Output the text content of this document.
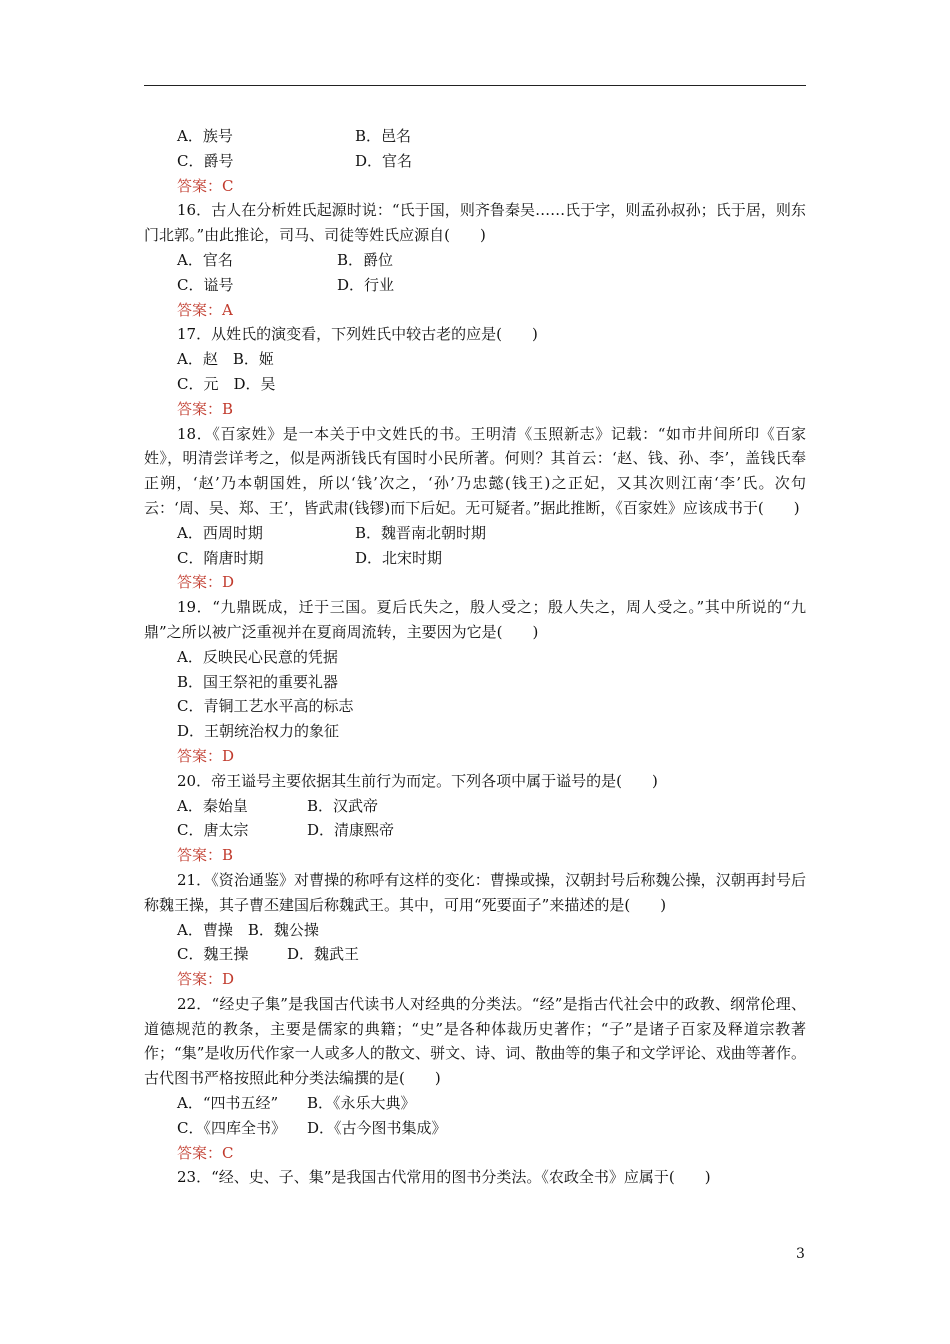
A．族号	B．邑名
C．爵号	D．官名
答案：C
16．古人在分析姓氏起源时说：“氏于国，则齐鲁秦吴……氏于字，则孟孙叔孙；氏于居，则东门北郭。”由此推论，司马、司徒等姓氏应源自(　　)
A．官名	B．爵位
C．谥号	D．行业
答案：A
17．从姓氏的演变看，下列姓氏中较古老的应是(　　)
A．赵　B．姬
C．元　D．吴
答案：B
18．《百家姓》是一本关于中文姓氏的书。王明清《玉照新志》记载：“如市井间所印《百家姓》，明清尝详考之，似是两浙钱氏有国时小民所著。何则？其首云：‘赵、钱、孙、李’，盖钱氏奉正朔，‘赵’乃本朝国姓，所以‘钱’次之，‘孙’乃忠懿(钱王)之正妃，又其次则江南‘李’氏。次句云：‘周、吴、郑、王’，皆武肃(钱镠)而下后妃。无可疑者。”据此推断，《百家姓》应该成书于(　　)
A．西周时期	B．魏晋南北朝时期
C．隋唐时期	D．北宋时期
答案：D
19．“九鼎既成，迁于三国。夏后氏失之，殷人受之；殷人失之，周人受之。”其中所说的“九鼎”之所以被广泛重视并在夏商周流转，主要因为它是(　　)
A．反映民心民意的凭据
B．国王祭祀的重要礼器
C．青铜工艺水平高的标志
D．王朝统治权力的象征
答案：D
20．帝王谥号主要依据其生前行为而定。下列各项中属于谥号的是(　　)
A．秦始皇	B．汉武帝
C．唐太宗	D．清康熙帝
答案：B
21．《资治通鉴》对曹操的称呼有这样的变化：曹操或操，汉朝封号后称魏公操，汉朝再封号后称魏王操，其子曹丕建国后称魏武王。其中，可用“死要面子”来描述的是(　　)
A．曹操　B．魏公操
C．魏王操	D．魏武王
答案：D
22．“经史子集”是我国古代读书人对经典的分类法。“经”是指古代社会中的政教、纲常伦理、道德规范的教条，主要是儒家的典籍；“史”是各种体裁历史著作；“子”是诸子百家及释道宗教著作；“集”是收历代作家一人或多人的散文、骈文、诗、词、散曲等的集子和文学评论、戏曲等著作。古代图书严格按照此种分类法编撰的是(　　)
A．“四书五经” B．《永乐大典》
C．《四库全书》 D．《古今图书集成》
答案：C
23．“经、史、子、集”是我国古代常用的图书分类法。《农政全书》应属于(　　)
3
